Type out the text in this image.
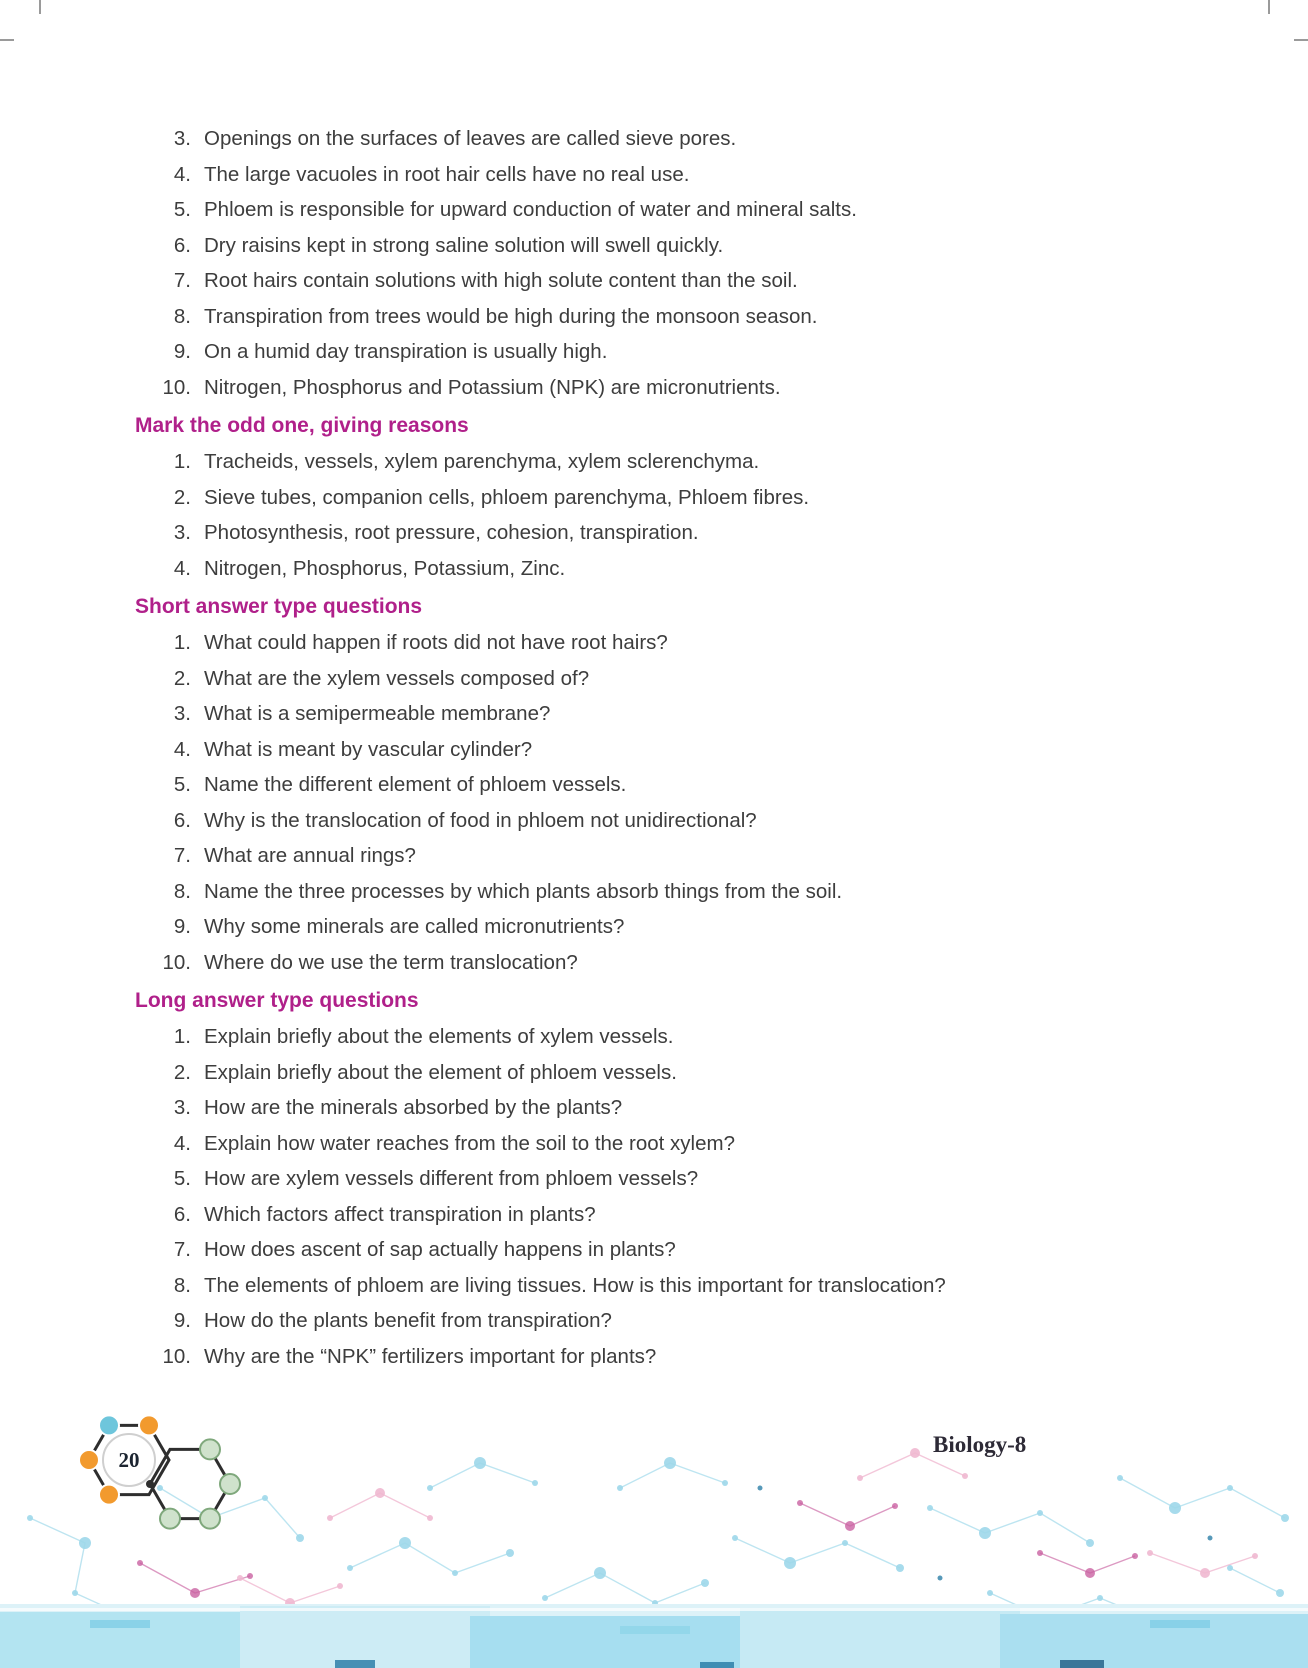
3. Openings on the surfaces of leaves are called sieve pores.
4. The large vacuoles in root hair cells have no real use.
5. Phloem is responsible for upward conduction of water and mineral salts.
6. Dry raisins kept in strong saline solution will swell quickly.
7. Root hairs contain solutions with high solute content than the soil.
8. Transpiration from trees would be high during the monsoon season.
9. On a humid day transpiration is usually high.
10. Nitrogen, Phosphorus and Potassium (NPK) are micronutrients.
Mark the odd one, giving reasons
1. Tracheids, vessels, xylem parenchyma, xylem sclerenchyma.
2. Sieve tubes, companion cells, phloem parenchyma, Phloem fibres.
3. Photosynthesis, root pressure, cohesion, transpiration.
4. Nitrogen, Phosphorus, Potassium, Zinc.
Short answer type questions
1. What could happen if roots did not have root hairs?
2. What are the xylem vessels composed of?
3. What is a semipermeable membrane?
4. What is meant by vascular cylinder?
5. Name the different element of phloem vessels.
6. Why is the translocation of food in phloem not unidirectional?
7. What are annual rings?
8. Name the three processes by which plants absorb things from the soil.
9. Why some minerals are called micronutrients?
10. Where do we use the term translocation?
Long answer type questions
1. Explain briefly about the elements of xylem vessels.
2. Explain briefly about the element of phloem vessels.
3. How are the minerals absorbed by the plants?
4. Explain how water reaches from the soil to the root xylem?
5. How are xylem vessels different from phloem vessels?
6. Which factors affect transpiration in plants?
7. How does ascent of sap actually happens in plants?
8. The elements of phloem are living tissues. How is this important for translocation?
9. How do the plants benefit from transpiration?
10. Why are the “NPK” fertilizers important for plants?
20
Biology-8
